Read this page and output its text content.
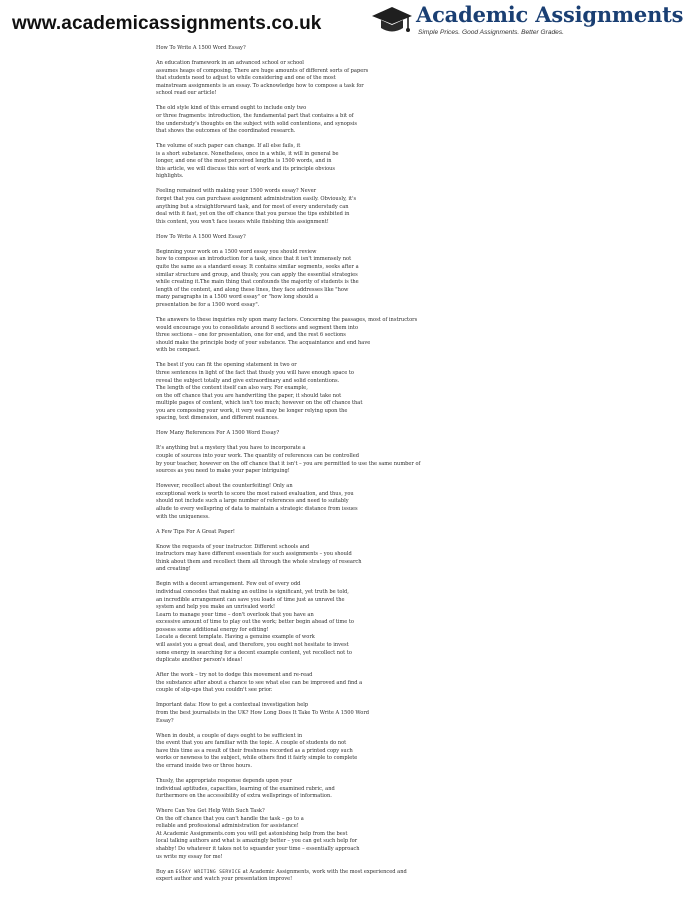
www.academicassignments.co.uk	Academic Assignments
Simple Prices. Good Assignments. Better Grades.

How To Write A 1500 Word Essay?

An education framework in an advanced school or school
assumes heaps of composing. There are huge amounts of different sorts of papers
that students need to adjust to while considering and one of the most
mainstream assignments is an essay. To acknowledge how to compose a task for
school read our article!

The old style kind of this errand ought to include only two
or three fragments: introduction, the fundamental part that contains a bit of
the understudy's thoughts on the subject with solid contentions, and synopsis
that shows the outcomes of the coordinated research.

The volume of such paper can change. If all else fails, it
is a short substance. Nonetheless, once in a while, it will in general be
longer, and one of the most perceived lengths is 1500 words, and in
this article, we will discuss this sort of work and its principle obvious
highlights.

Feeling remained with making your 1500 words essay? Never
forget that you can purchase assignment administration easily. Obviously, it's
anything but a straightforward task, and for most of every understudy can
deal with it fast, yet on the off chance that you pursue the tips exhibited in
this content, you won't face issues while finishing this assignment!

How To Write A 1500 Word Essay?

Beginning your work on a 1500 word essay you should review
how to compose an introduction for a task, since that it isn't immensely not
quite the same as a standard essay. It contains similar segments, seeks after a
similar structure and group, and thusly, you can apply the essential strategies
while creating it.The main thing that confounds the majority of students is the
length of the content, and along these lines, they face addresses like "how
many paragraphs in a 1500 word essay" or "how long should a
presentation be for a 1500 word essay".

The answers to these inquiries rely upon many factors. Concerning the passages, most of instructors
would encourage you to consolidate around 8 sections and segment them into
three sections – one for presentation, one for end, and the rest 6 sections
should make the principle body of your substance. The acquaintance and end have
with be compact.

The best if you can fit the opening statement in two or
three sentences in light of the fact that thusly you will have enough space to
reveal the subject totally and give extraordinary and solid contentions.
The length of the content itself can also vary. For example,
on the off chance that you are handwriting the paper, it should take not
multiple pages of content, which isn't too much; however on the off chance that
you are composing your work, it very well may be longer relying upon the
spacing, text dimension, and different nuances.

How Many References For A 1500 Word Essay?

It's anything but a mystery that you have to incorporate a
couple of sources into your work. The quantity of references can be controlled
by your teacher, however on the off chance that it isn't – you are permitted to use the same number of
sources as you need to make your paper intriguing!

However, recollect about the counterfeiting! Only an
exceptional work is worth to score the most raised evaluation, and thus, you
should not include such a large number of references and need to suitably
allude to every wellspring of data to maintain a strategic distance from issues
with the uniqueness.

A Few Tips For A Great Paper!

Know the requests of your instructor. Different schools and
instructors may have different essentials for such assignments – you should
think about them and recollect them all through the whole strategy of research
and creating!

Begin with a decent arrangement. Few out of every odd
individual concedes that making an outline is significant, yet truth be told,
an incredible arrangement can save you loads of time just as unravel the
system and help you make an unrivaled work!
Learn to manage your time – don't overlook that you have an
excessive amount of time to play out the work; better begin ahead of time to
possess some additional energy for editing!
Locate a decent template. Having a genuine example of work
will assist you a great deal, and therefore, you ought not hesitate to invest
some energy in searching for a decent example content, yet recollect not to
duplicate another person's ideas!

After the work – try not to dodge this movement and re-read
the substance after about a chance to see what else can be improved and find a
couple of slip-ups that you couldn't see prior.

Important data: How to get a contextual investigation help
from the best journalists in the UK? How Long Does It Take To Write A 1500 Word
Essay?

When in doubt, a couple of days ought to be sufficient in
the event that you are familiar with the topic. A couple of students do not
have this time as a result of their freshness recorded as a printed copy such
works or newness to the subject, while others find it fairly simple to complete
the errand inside two or three hours.

Thusly, the appropriate response depends upon your
individual aptitudes, capacities, learning of the examined rubric, and
furthermore on the accessibility of extra wellsprings of information.

Where Can You Get Help With Such Task?
On the off chance that you can't handle the task – go to a
reliable and professional administration for assistance!
At Academic Assignments.com you will get astonishing help from the best
local talking authors and what is amazingly better – you can get such help for
shabby! Do whatever it takes not to squander your time – essentially approach
us write my essay for me!

Buy an ESSAY WRITING SERVICE at Academic Assignments, work with the most experienced and
expert author and watch your presentation improve!
